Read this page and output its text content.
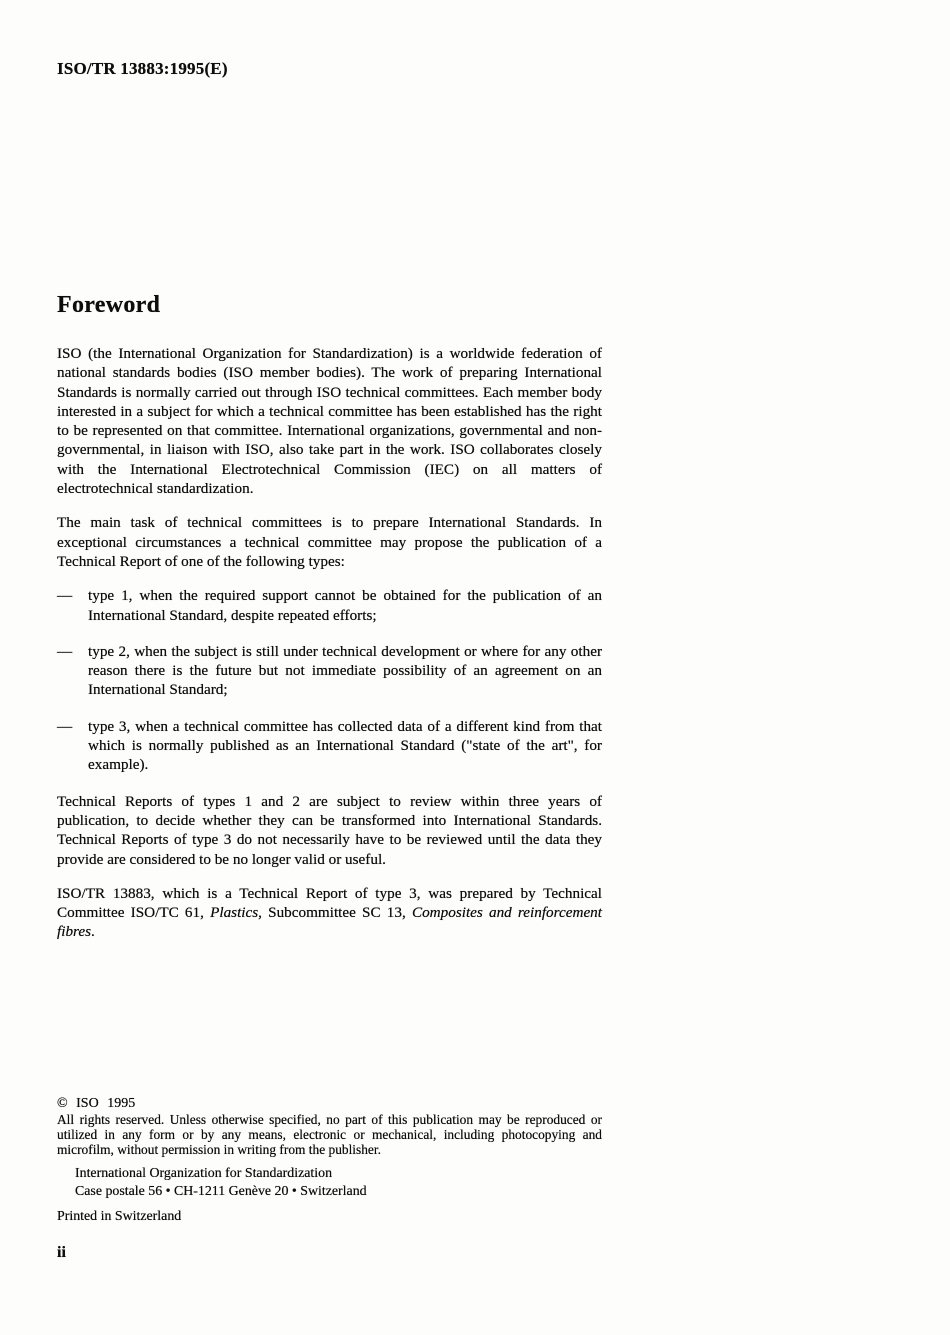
ISO/TR 13883:1995(E)
Foreword

ISO (the International Organization for Standardization) is a worldwide federation of national standards bodies (ISO member bodies). The work of preparing International Standards is normally carried out through ISO technical committees. Each member body interested in a subject for which a technical committee has been established has the right to be represented on that committee. International organizations, governmental and non-governmental, in liaison with ISO, also take part in the work. ISO collaborates closely with the International Electrotechnical Commission (IEC) on all matters of electrotechnical standardization.

The main task of technical committees is to prepare International Standards. In exceptional circumstances a technical committee may propose the publication of a Technical Report of one of the following types:

—	type 1, when the required support cannot be obtained for the publication of an International Standard, despite repeated efforts;
—	type 2, when the subject is still under technical development or where for any other reason there is the future but not immediate possibility of an agreement on an International Standard;
—	type 3, when a technical committee has collected data of a different kind from that which is normally published as an International Standard ("state of the art", for example).

Technical Reports of types 1 and 2 are subject to review within three years of publication, to decide whether they can be transformed into International Standards. Technical Reports of type 3 do not necessarily have to be reviewed until the data they provide are considered to be no longer valid or useful.

ISO/TR 13883, which is a Technical Report of type 3, was prepared by Technical Committee ISO/TC 61, Plastics, Subcommittee SC 13, Composites and reinforcement fibres.

© ISO 1995

All rights reserved. Unless otherwise specified, no part of this publication may be reproduced or utilized in any form or by any means, electronic or mechanical, including photocopying and microfilm, without permission in writing from the publisher.

International Organization for Standardization
Case postale 56 • CH-1211 Genève 20 • Switzerland
Printed in Switzerland
ii
